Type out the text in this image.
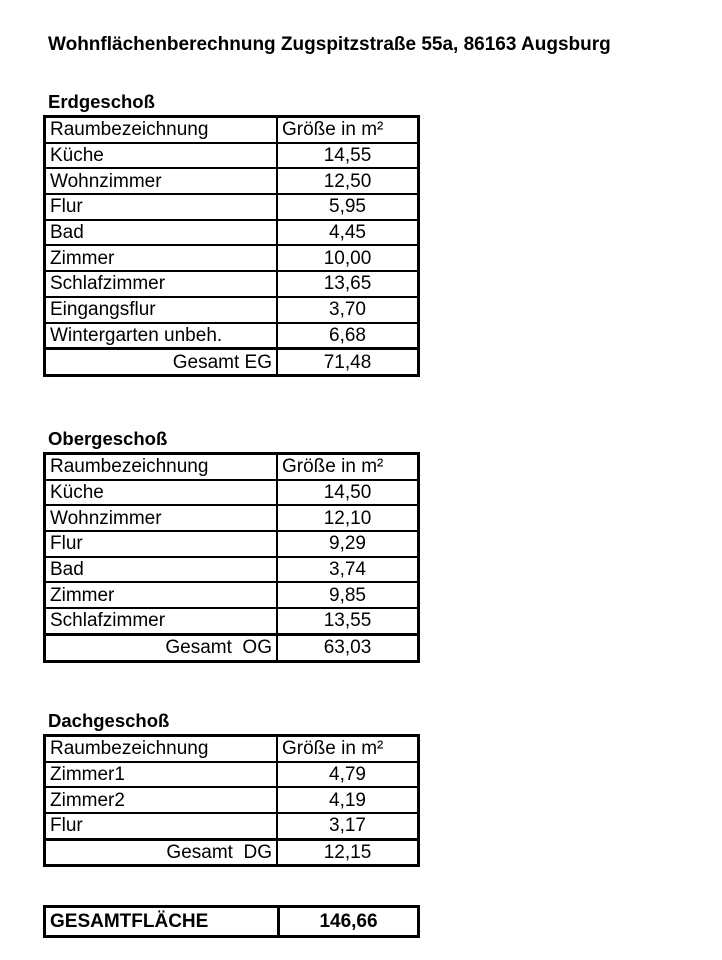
Wohnflächenberechnung Zugspitzstraße 55a, 86163 Augsburg
Erdgeschoß
Raumbezeichnung	Größe in m²
Küche	14,55
Wohnzimmer	12,50
Flur	5,95
Bad	4,45
Zimmer	10,00
Schlafzimmer	13,65
Eingangsflur	3,70
Wintergarten unbeh.	6,68
Gesamt EG	71,48
Obergeschoß
Raumbezeichnung	Größe in m²
Küche	14,50
Wohnzimmer	12,10
Flur	9,29
Bad	3,74
Zimmer	9,85
Schlafzimmer	13,55
Gesamt  OG	63,03
Dachgeschoß
Raumbezeichnung	Größe in m²
Zimmer1	4,79
Zimmer2	4,19
Flur	3,17
Gesamt  DG	12,15
GESAMTFLÄCHE	146,66
